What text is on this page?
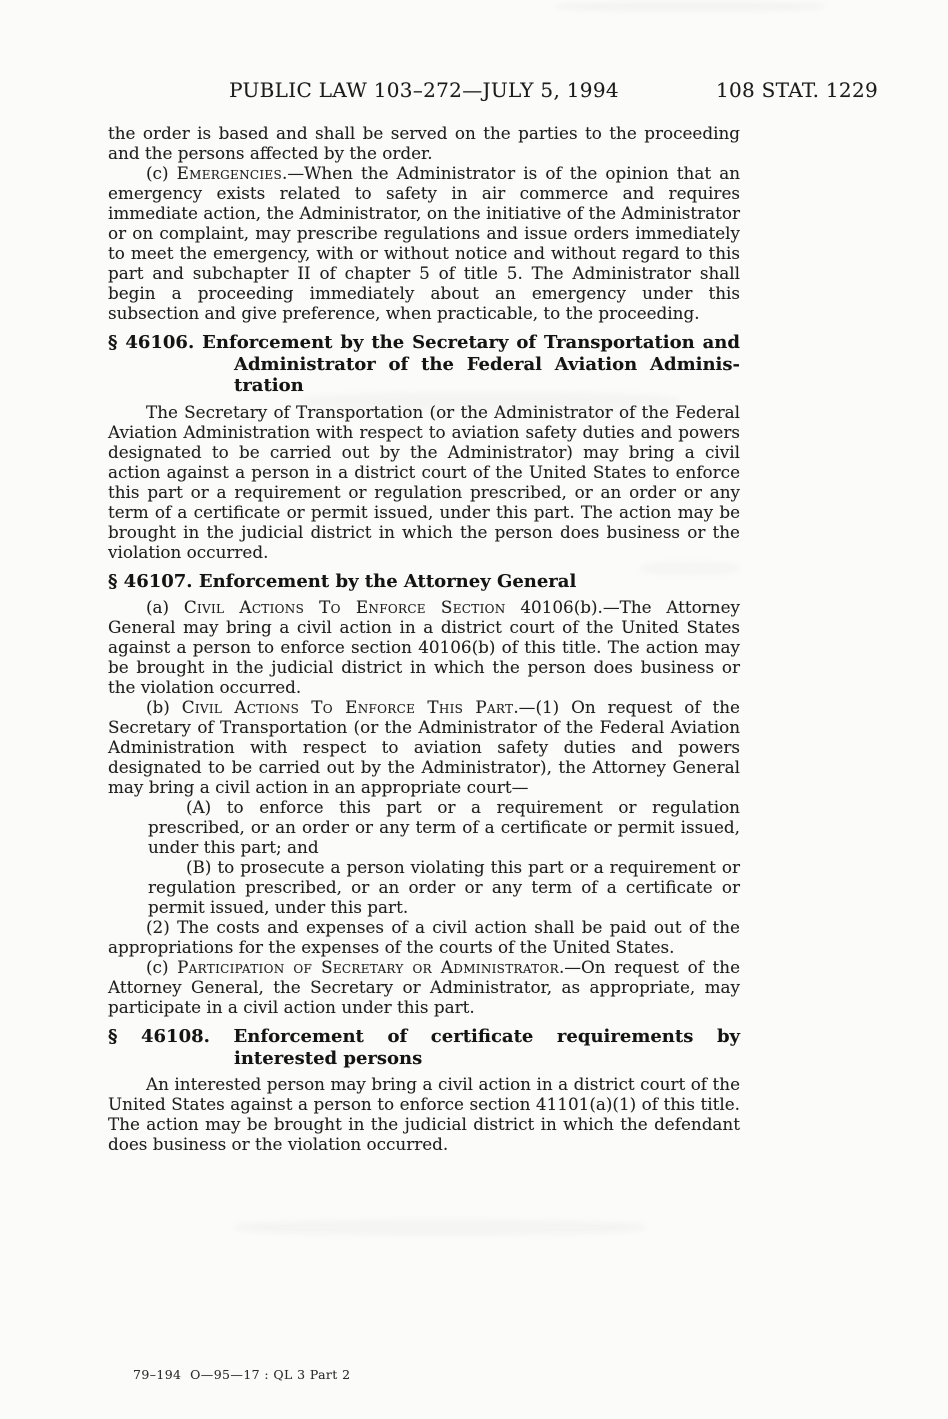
PUBLIC LAW 103–272—JULY 5, 1994	108 STAT. 1229

the order is based and shall be served on the parties to the proceeding and the persons affected by the order.

(c) Emergencies.—When the Administrator is of the opinion that an emergency exists related to safety in air commerce and requires immediate action, the Administrator, on the initiative of the Administrator or on complaint, may prescribe regulations and issue orders immediately to meet the emergency, with or without notice and without regard to this part and subchapter II of chapter 5 of title 5. The Administrator shall begin a proceeding immediately about an emergency under this subsection and give preference, when practicable, to the proceeding.

§ 46106. Enforcement by the Secretary of Transportation and
Administrator of the Federal Aviation Adminis-
tration

The Secretary of Transportation (or the Administrator of the Federal Aviation Administration with respect to aviation safety duties and powers designated to be carried out by the Administrator) may bring a civil action against a person in a district court of the United States to enforce this part or a requirement or regulation prescribed, or an order or any term of a certificate or permit issued, under this part. The action may be brought in the judicial district in which the person does business or the violation occurred.

§ 46107. Enforcement by the Attorney General

(a) Civil Actions To Enforce Section 40106(b).—The Attorney General may bring a civil action in a district court of the United States against a person to enforce section 40106(b) of this title. The action may be brought in the judicial district in which the person does business or the violation occurred.

(b) Civil Actions To Enforce This Part.—(1) On request of the Secretary of Transportation (or the Administrator of the Federal Aviation Administration with respect to aviation safety duties and powers designated to be carried out by the Administrator), the Attorney General may bring a civil action in an appropriate court—

(A) to enforce this part or a requirement or regulation prescribed, or an order or any term of a certificate or permit issued, under this part; and

(B) to prosecute a person violating this part or a requirement or regulation prescribed, or an order or any term of a certificate or permit issued, under this part.

(2) The costs and expenses of a civil action shall be paid out of the appropriations for the expenses of the courts of the United States.

(c) Participation of Secretary or Administrator.—On request of the Attorney General, the Secretary or Administrator, as appropriate, may participate in a civil action under this part.

§ 46108. Enforcement of certificate requirements by
interested persons

An interested person may bring a civil action in a district court of the United States against a person to enforce section 41101(a)(1) of this title. The action may be brought in the judicial district in which the defendant does business or the violation occurred.

79–194  O—95—17 : QL 3 Part 2
